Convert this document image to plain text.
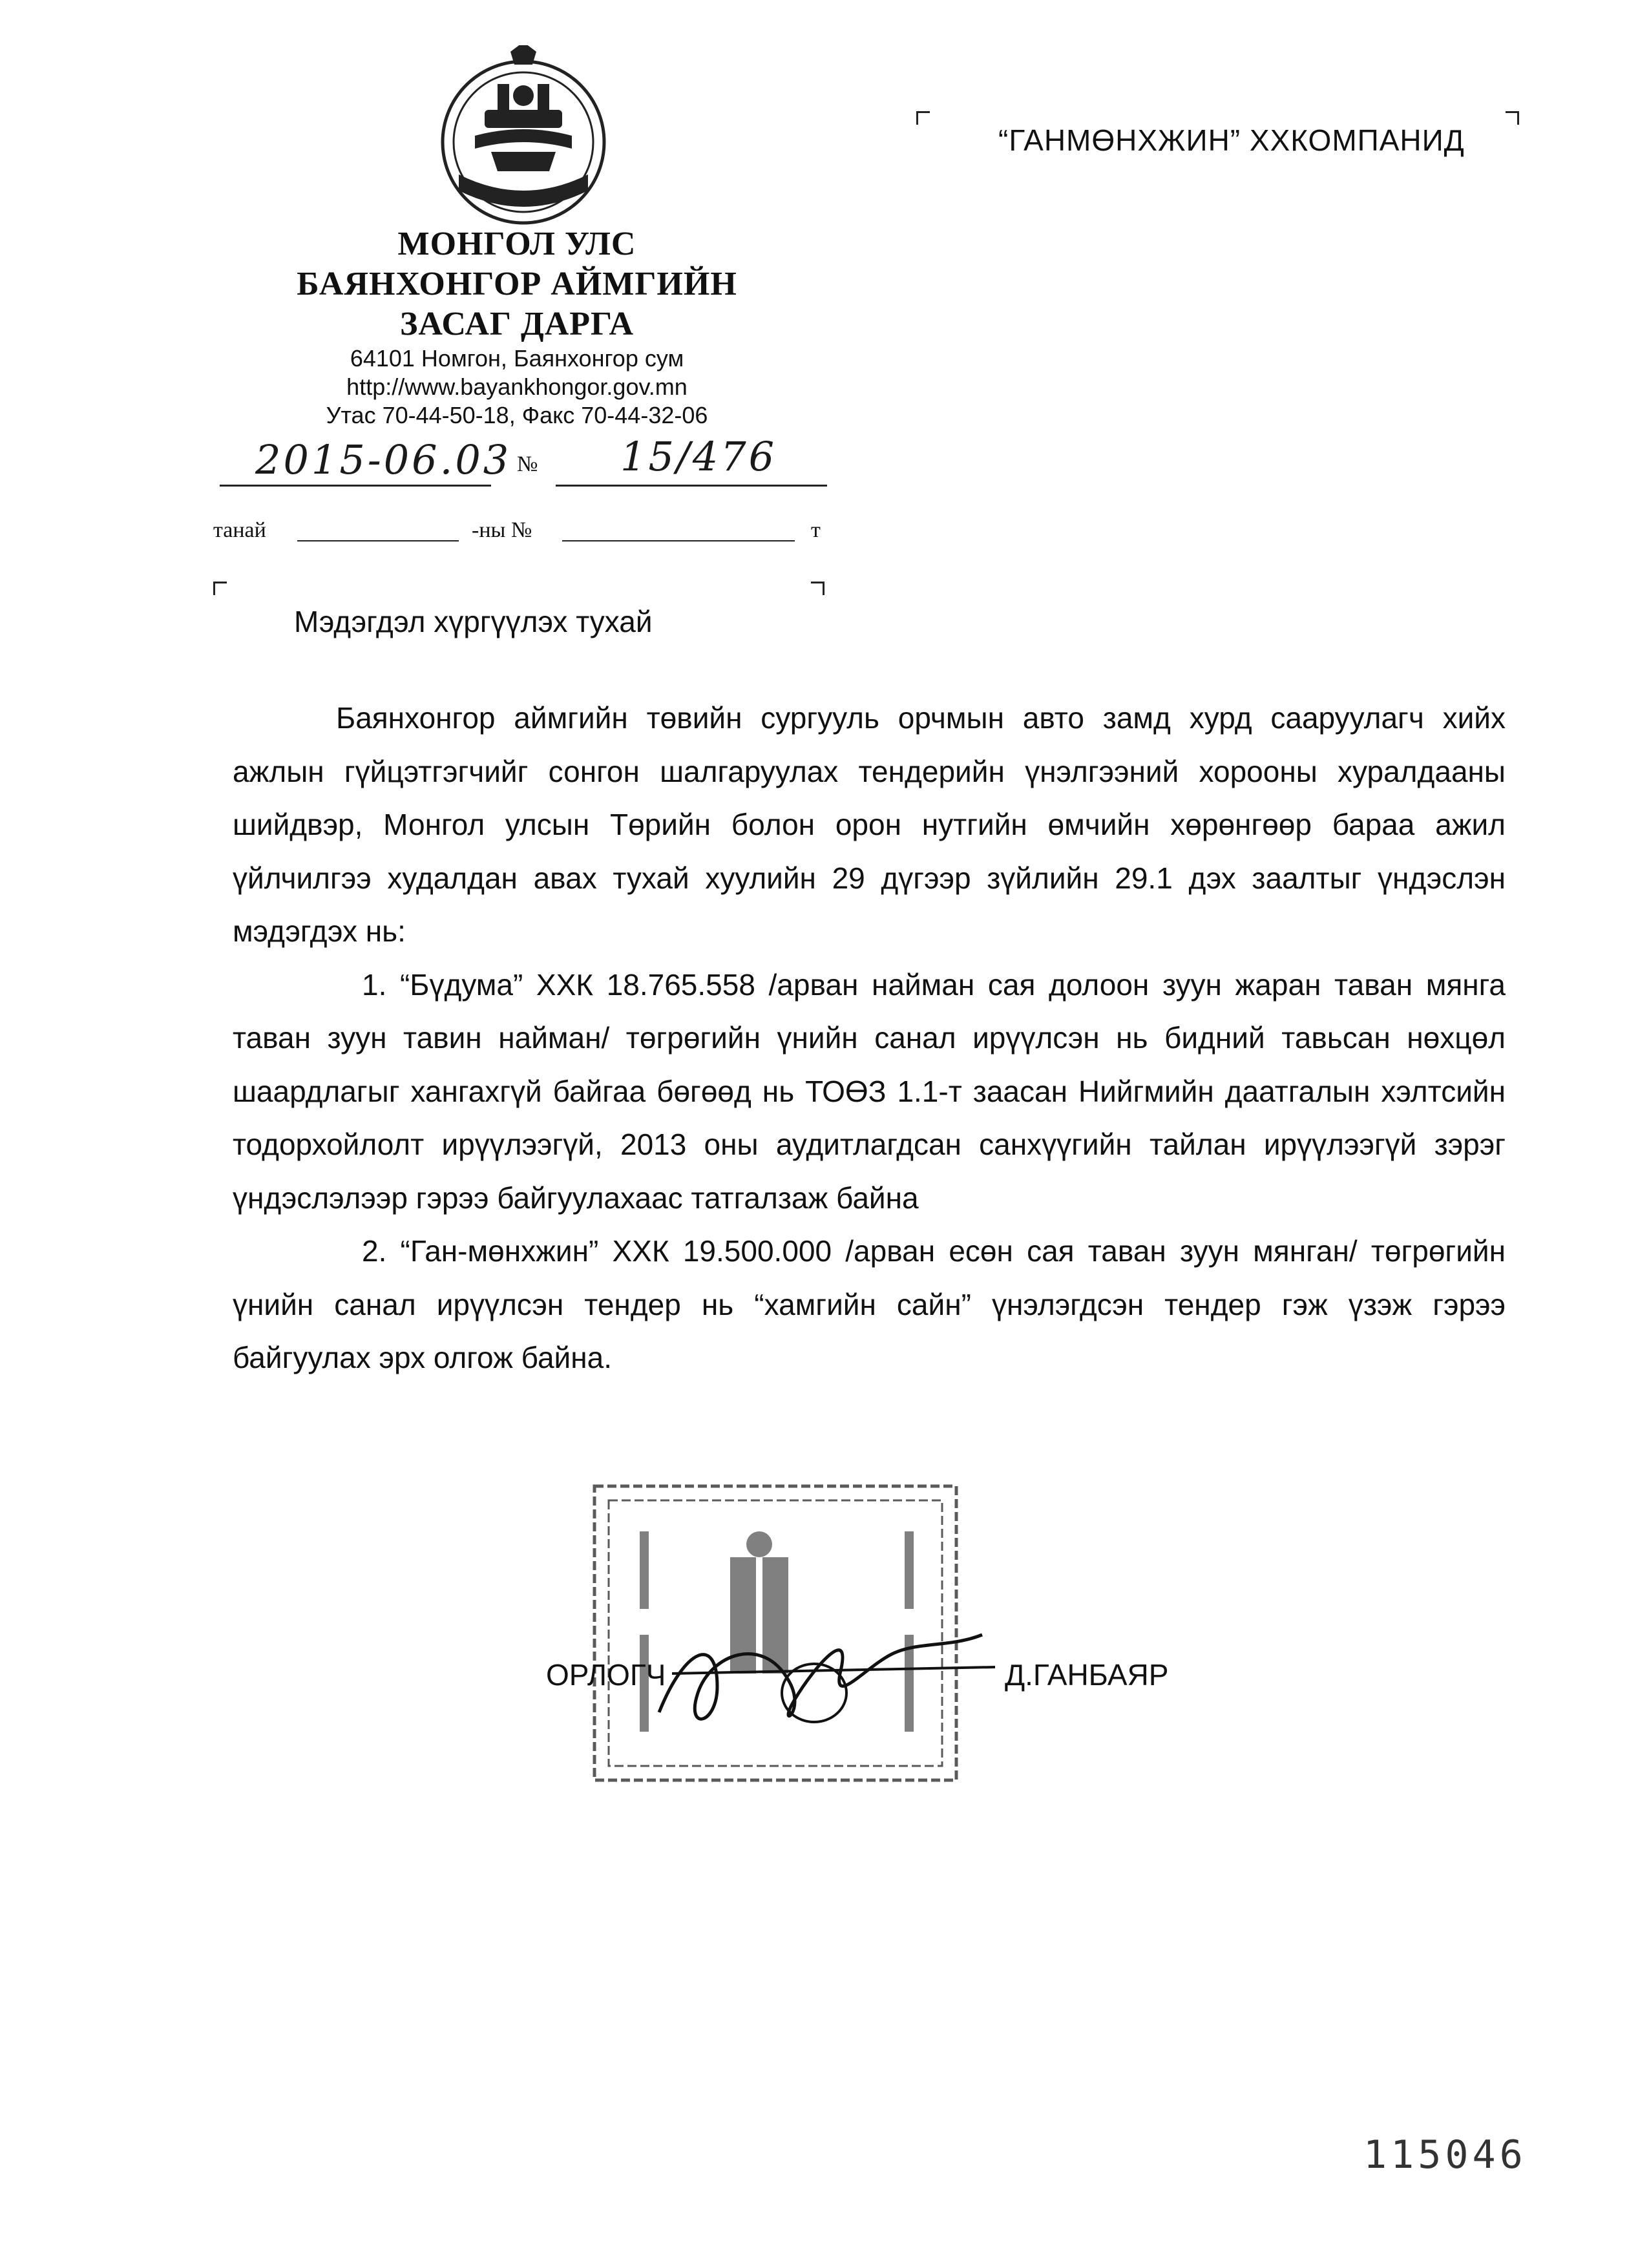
МОНГОЛ УЛС
БАЯНХОНГОР АЙМГИЙН
ЗАСАГ ДАРГА
64101 Номгон, Баянхонгор сум
http://www.bayankhongor.gov.mn
Утас 70-44-50-18, Факс 70-44-32-06
“ГАНМӨНХЖИН” ХХКОМПАНИД
2015-06.03 № 15/476
танай	-ны №	т
Мэдэгдэл хүргүүлэх тухай

Баянхонгор аймгийн төвийн сургууль орчмын авто замд хурд сааруулагч хийх ажлын гүйцэтгэгчийг сонгон шалгаруулах тендерийн үнэлгээний хорооны хуралдааны шийдвэр, Монгол улсын Төрийн болон орон нутгийн өмчийн хөрөнгөөр бараа ажил үйлчилгээ худалдан авах тухай хуулийн 29 дүгээр зүйлийн 29.1 дэх заалтыг үндэслэн мэдэгдэх нь:

1. “Бүдума” ХХК 18.765.558 /арван найман сая долоон зуун жаран таван мянга таван зуун тавин найман/ төгрөгийн үнийн санал ирүүлсэн нь бидний тавьсан нөхцөл шаардлагыг хангахгүй байгаа бөгөөд нь ТОӨЗ 1.1-т заасан Нийгмийн даатгалын хэлтсийн тодорхойлолт ирүүлээгүй, 2013 оны аудитлагдсан санхүүгийн тайлан ирүүлээгүй зэрэг үндэслэлээр гэрээ байгуулахаас татгалзаж байна

2. “Ган-мөнхжин” ХХК 19.500.000 /арван есөн сая таван зуун мянган/ төгрөгийн үнийн санал ирүүлсэн тендер нь “хамгийн сайн” үнэлэгдсэн тендер гэж үзэж гэрээ байгуулах эрх олгож байна.

ОРЛОГЧ	Д.ГАНБАЯР
115046
